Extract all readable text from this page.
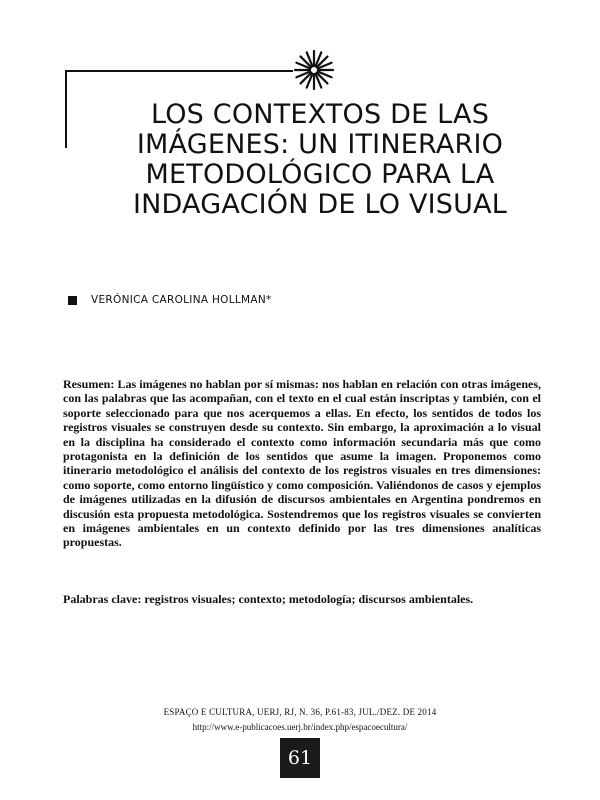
LOS CONTEXTOS DE LAS
IMÁGENES: UN ITINERARIO
METODOLÓGICO PARA LA
INDAGACIÓN DE LO VISUAL
VERÓNICA CAROLINA HOLLMAN*

Resumen: Las imágenes no hablan por sí mismas: nos hablan en relación con otras imágenes, con las palabras que las acompañan, con el texto en el cual están inscriptas y también, con el soporte seleccionado para que nos acerquemos a ellas. En efecto, los sentidos de todos los registros visuales se construyen desde su contexto. Sin embargo, la aproximación a lo visual en la disciplina ha considerado el contexto como información secundaria más que como protagonista en la definición de los sentidos que asume la imagen. Proponemos como itinerario metodológico el análisis del contexto de los registros visuales en tres dimensiones: como soporte, como entorno lingüístico y como composición. Valiéndonos de casos y ejemplos de imágenes utilizadas en la difusión de discursos ambientales en Argentina pondremos en discusión esta propuesta metodológica. Sostendremos que los registros visuales se convierten en imágenes ambientales en un contexto definido por las tres dimensiones analíticas propuestas.

Palabras clave: registros visuales; contexto; metodología; discursos ambientales.

ESPAÇO E CULTURA, UERJ, RJ, N. 36, P.61-83, JUL./DEZ. DE 2014
http://www.e-publicacoes.uerj.br/index.php/espacoecultura/
61
